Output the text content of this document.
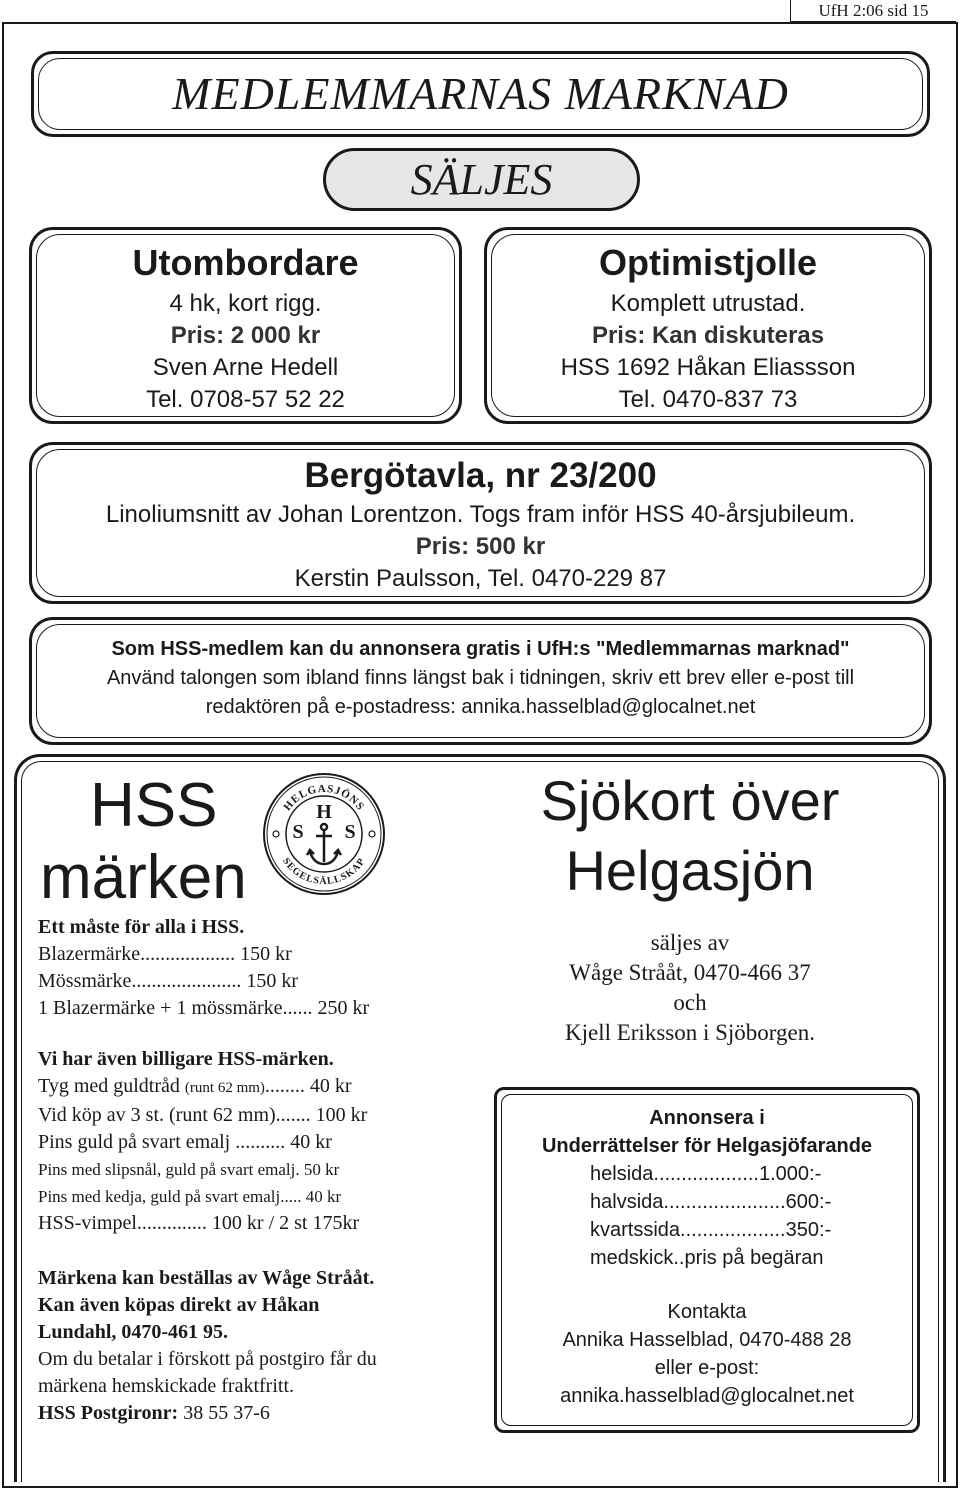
UfH 2:06 sid 15
MEDLEMMARNAS MARKNAD
SÄLJES
Utombordare
4 hk, kort rigg.
Pris: 2 000 kr
Sven Arne Hedell
Tel. 0708-57 52 22
Optimistjolle
Komplett utrustad.
Pris: Kan diskuteras
HSS 1692 Håkan Eliassson
Tel. 0470-837 73
Bergötavla, nr 23/200
Linoliumsnitt av Johan Lorentzon. Togs fram inför HSS 40-årsjubileum.
Pris: 500 kr
Kerstin Paulsson, Tel. 0470-229 87
Som HSS-medlem kan du annonsera gratis i UfH:s "Medlemmarnas marknad"
Använd talongen som ibland finns längst bak i tidningen, skriv ett brev eller e-post till
redaktören på e-postadress: annika.hasselblad@glocalnet.net
HSS
märken
HELGASJÖNS
SEGELSÄLLSKAP
H
S S
Ett måste för alla i HSS.
Blazermärke................... 150 kr
Mössmärke...................... 150 kr
1 Blazermärke + 1 mössmärke...... 250 kr
Vi har även billigare HSS-märken.
Tyg med guldtråd (runt 62 mm)........ 40 kr
Vid köp av 3 st. (runt 62 mm)....... 100 kr
Pins guld på svart emalj .......... 40 kr
Pins med slipsnål, guld på svart emalj. 50 kr
Pins med kedja, guld på svart emalj..... 40 kr
HSS-vimpel.............. 100 kr / 2 st 175kr
Märkena kan beställas av Wåge Strååt.
Kan även köpas direkt av Håkan
Lundahl, 0470-461 95.
Om du betalar i förskott på postgiro får du
märkena hemskickade fraktfritt.
HSS Postgironr: 38 55 37-6
Sjökort över
Helgasjön
säljes av
Wåge Strååt, 0470-466 37
och
Kjell Eriksson i Sjöborgen.
Annonsera i
Underrättelser för Helgasjöfarande
helsida...................1.000:-
halvsida......................600:-
kvartssida...................350:-
medskick..pris på begäran
Kontakta
Annika Hasselblad, 0470-488 28
eller e-post:
annika.hasselblad@glocalnet.net
